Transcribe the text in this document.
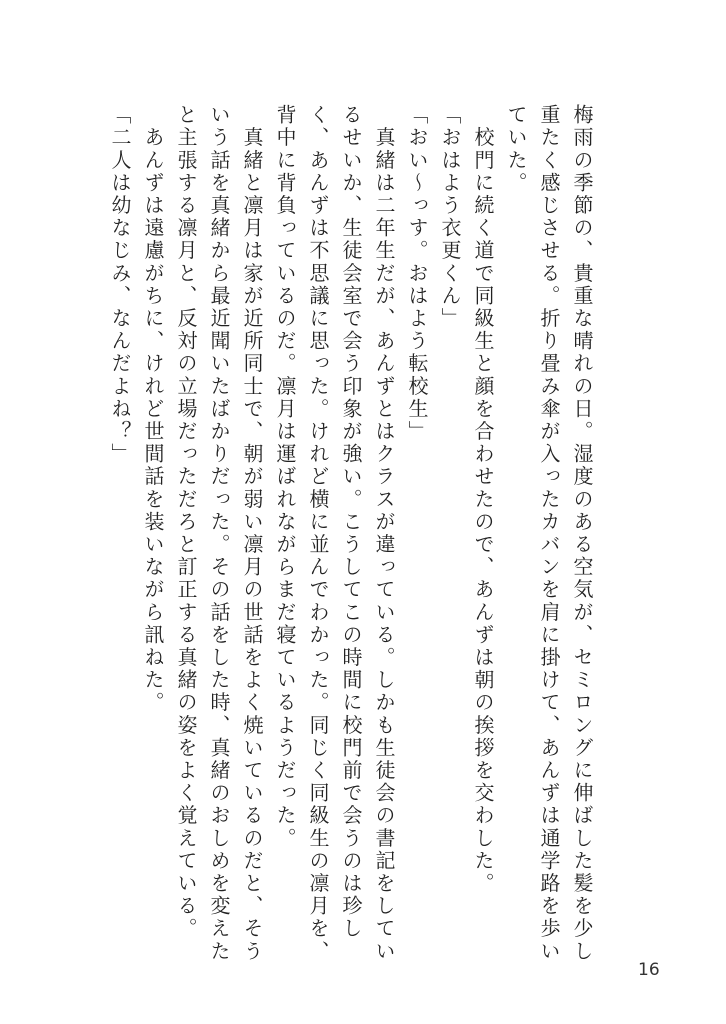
梅雨の季節の、貴重な晴れの日。湿度のある空気が、セミロングに伸ばした髪を少し重たく感じさせる。折り畳み傘が入ったカバンを肩に掛けて、あんずは通学路を歩いていた。

　校門に続く道で同級生と顔を合わせたので、あんずは朝の挨拶を交わした。

「おはよう衣更くん」

「おい〜っす。おはよう転校生」

　真緒は二年生だが、あんずとはクラスが違っている。しかも生徒会の書記をしているせいか、生徒会室で会う印象が強い。こうしてこの時間に校門前で会うのは珍しく、あんずは不思議に思った。けれど横に並んでわかった。同じく同級生の凛月を、背中に背負っているのだ。凛月は運ばれながらまだ寝ているようだった。

　真緒と凛月は家が近所同士で、朝が弱い凛月の世話をよく焼いているのだと、そういう話を真緒から最近聞いたばかりだった。その話をした時、真緒のおしめを変えたと主張する凛月と、反対の立場だっただろと訂正する真緒の姿をよく覚えている。

　あんずは遠慮がちに、けれど世間話を装いながら訊ねた。

「二人は幼なじみ、なんだよね？」

16
